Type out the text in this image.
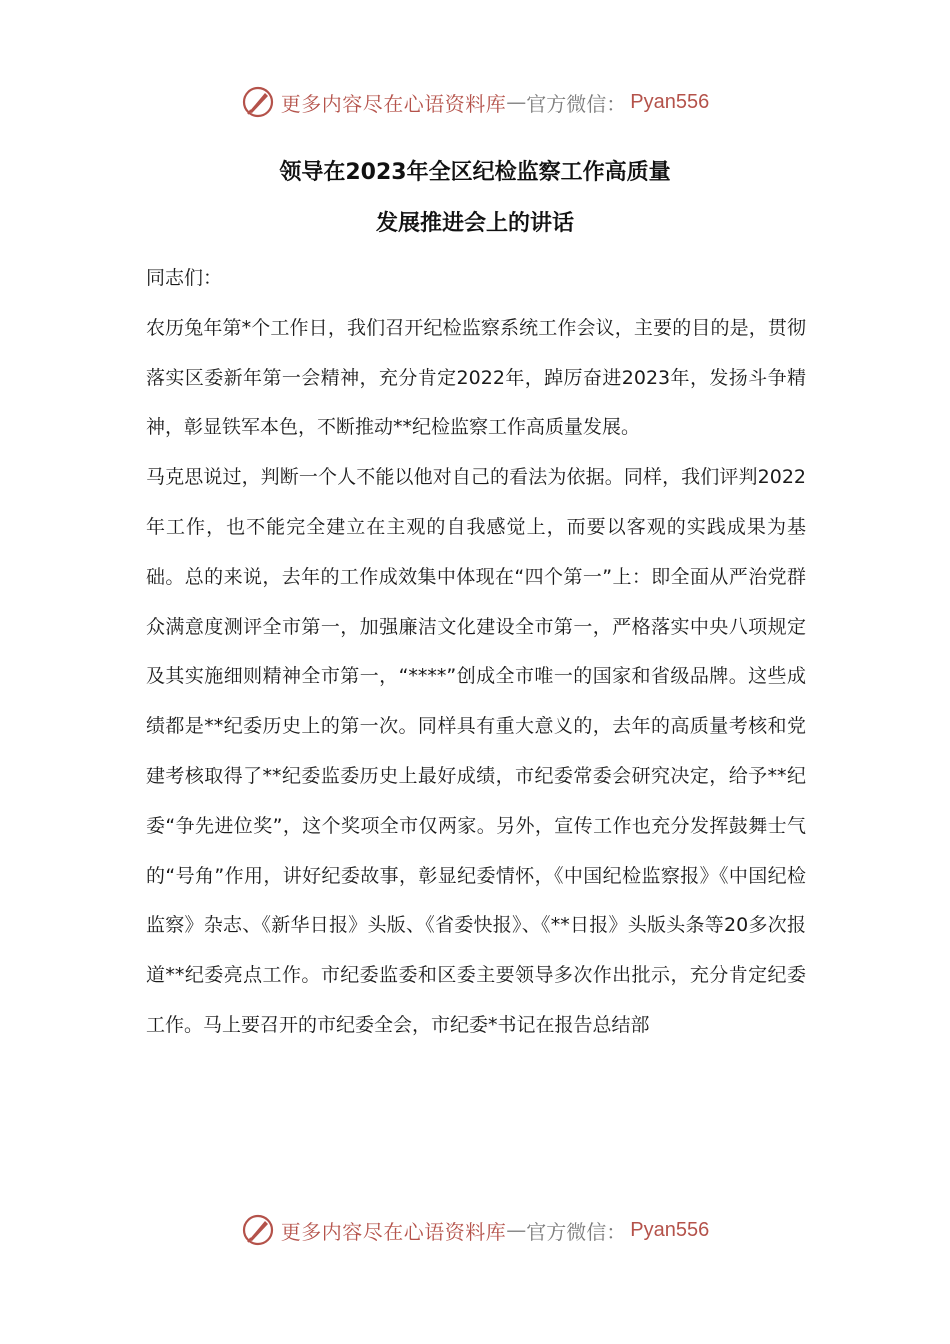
更多内容尽在心语资料库 — 官方微信： Pyan556
领导在2023年全区纪检监察工作高质量
发展推进会上的讲话

同志们：

农历兔年第*个工作日，我们召开纪检监察系统工作会议，主要的目的是，贯彻落实区委新年第一会精神，充分肯定2022年，踔厉奋进2023年，发扬斗争精神，彰显铁军本色，不断推动**纪检监察工作高质量发展。

马克思说过，判断一个人不能以他对自己的看法为依据。同样，我们评判2022年工作，也不能完全建立在主观的自我感觉上，而要以客观的实践成果为基础。总的来说，去年的工作成效集中体现在“四个第一”上：即全面从严治党群众满意度测评全市第一，加强廉洁文化建设全市第一，严格落实中央八项规定及其实施细则精神全市第一，“****”创成全市唯一的国家和省级品牌。这些成绩都是**纪委历史上的第一次。同样具有重大意义的，去年的高质量考核和党建考核取得了**纪委监委历史上最好成绩，市纪委常委会研究决定，给予**纪委“争先进位奖”，这个奖项全市仅两家。另外，宣传工作也充分发挥鼓舞士气的“号角”作用，讲好纪委故事，彰显纪委情怀，《中国纪检监察报》《中国纪检监察》杂志、《新华日报》头版、《省委快报》、《**日报》头版头条等20多次报道**纪委亮点工作。市纪委监委和区委主要领导多次作出批示，充分肯定纪委工作。马上要召开的市纪委全会，市纪委*书记在报告总结部

更多内容尽在心语资料库 — 官方微信： Pyan556
